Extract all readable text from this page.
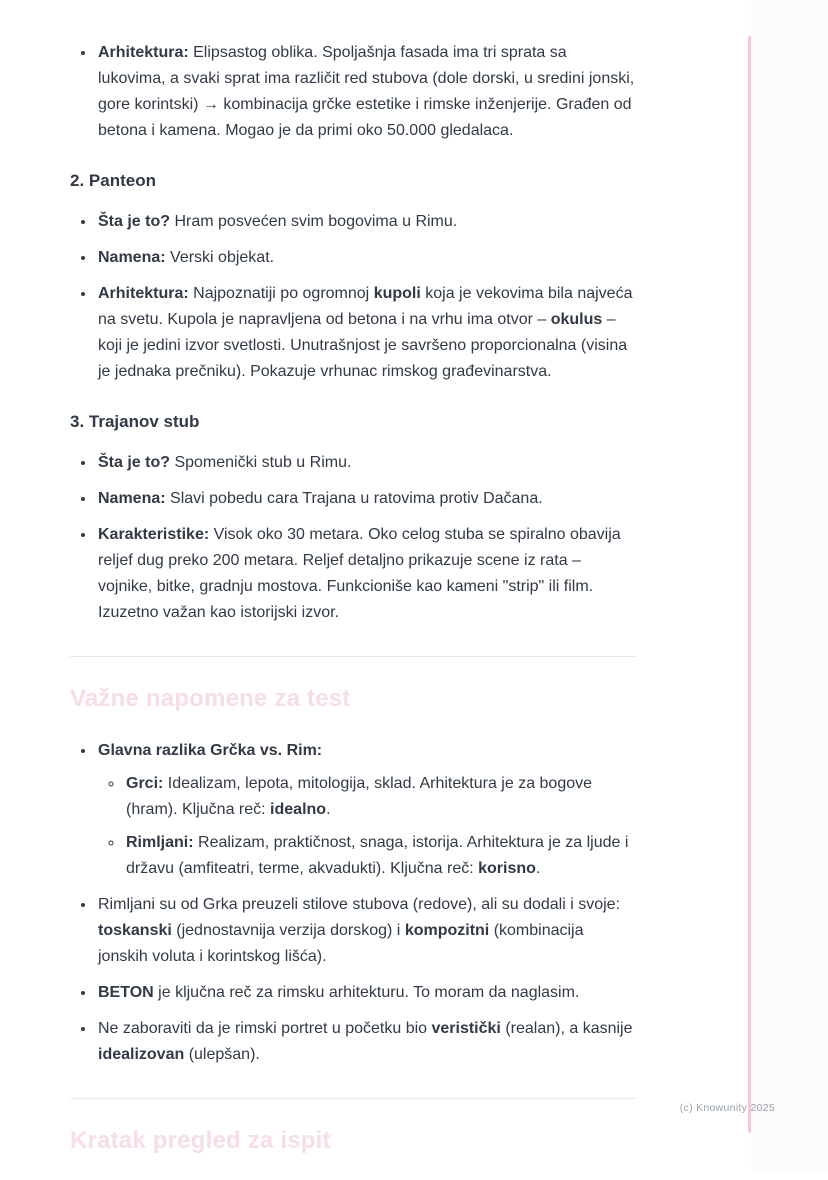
• Arhitektura: Elipsastog oblika. Spoljašnja fasada ima tri sprata sa lukovima, a svaki sprat ima različit red stubova (dole dorski, u sredini jonski, gore korintski) → kombinacija grčke estetike i rimske inženjerije. Građen od betona i kamena. Mogao je da primi oko 50.000 gledalaca.
2. Panteon
• Šta je to? Hram posvećen svim bogovima u Rimu.
• Namena: Verski objekat.
• Arhitektura: Najpoznatiji po ogromnoj kupoli koja je vekovima bila najveća na svetu. Kupola je napravljena od betona i na vrhu ima otvor – okulus – koji je jedini izvor svetlosti. Unutrašnjost je savršeno proporcionalna (visina je jednaka prečniku). Pokazuje vrhunac rimskog građevinarstva.
3. Trajanov stub
• Šta je to? Spomenički stub u Rimu.
• Namena: Slavi pobedu cara Trajana u ratovima protiv Dačana.
• Karakteristike: Visok oko 30 metara. Oko celog stuba se spiralno obavija reljef dug preko 200 metara. Reljef detaljno prikazuje scene iz rata – vojnike, bitke, gradnju mostova. Funkcioniše kao kameni "strip" ili film. Izuzetno važan kao istorijski izvor.
Važne napomene za test
• Glavna razlika Grčka vs. Rim:
◦ Grci: Idealizam, lepota, mitologija, sklad. Arhitektura je za bogove (hram). Ključna reč: idealno.
◦ Rimljani: Realizam, praktičnost, snaga, istorija. Arhitektura je za ljude i državu (amfiteatri, terme, akvadukti). Ključna reč: korisno.
• Rimljani su od Grka preuzeli stilove stubova (redove), ali su dodali i svoje: toskanski (jednostavnija verzija dorskog) i kompozitni (kombinacija jonskih voluta i korintskog lišća).
• BETON je ključna reč za rimsku arhitekturu. To moram da naglasim.
• Ne zaboraviti da je rimski portret u početku bio veristički (realan), a kasnije idealizovan (ulepšan).
Kratak pregled za ispit
(c) Knowunity 2025
